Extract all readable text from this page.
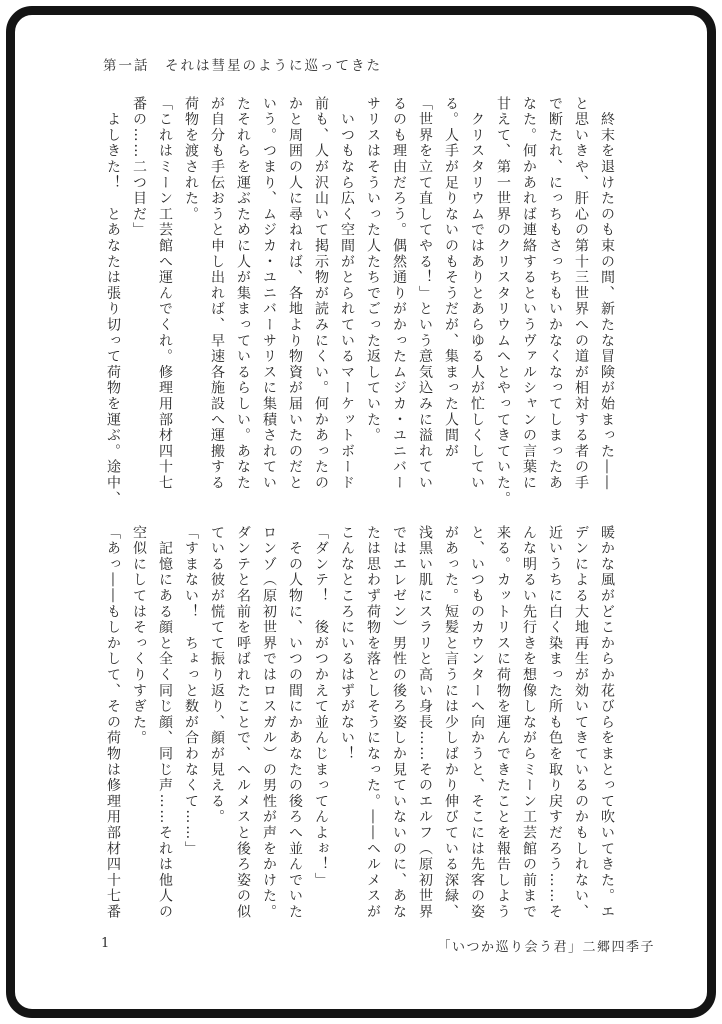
第一話　それは彗星のように巡ってきた
　終末を退けたのも束の間、新たな冒険が始まった――
と思いきや、肝心の第十三世界への道が相対する者の手
で断たれ、にっちもさっちもいかなくなってしまったあ
なた。何かあれば連絡するというヴァルシャンの言葉に
甘えて、第一世界のクリスタリウムへとやってきていた。
　クリスタリウムではありとあらゆる人が忙しくしてい
る。人手が足りないのもそうだが、集まった人間が
「世界を立て直してやる！」という意気込みに溢れてい
るのも理由だろう。偶然通りがかったムジカ・ユニバー
サリスはそういった人たちでごった返していた。
　いつもなら広く空間がとられているマーケットボード
前も、人が沢山いて掲示物が読みにくい。何かあったの
かと周囲の人に尋ねれば、各地より物資が届いたのだと
いう。つまり、ムジカ・ユニバーサリスに集積されてい
たそれらを運ぶために人が集まっているらしい。あなた
が自分も手伝おうと申し出れば、早速各施設へ運搬する
荷物を渡された。
「これはミーン工芸館へ運んでくれ。修理用部材四十七
番の……二つ目だ」
　よしきた！　とあなたは張り切って荷物を運ぶ。途中、
暖かな風がどこからか花びらをまとって吹いてきた。エ
デンによる大地再生が効いてきているのかもしれない、
近いうちに白く染まった所も色を取り戻すだろう……そ
んな明るい先行きを想像しながらミーン工芸館の前まで
来る。カットリスに荷物を運んできたことを報告しよう
と、いつものカウンターへ向かうと、そこには先客の姿
があった。短髪と言うには少しばかり伸びている深緑、
浅黒い肌にスラリと高い身長……そのエルフ（原初世界
ではエレゼン）男性の後ろ姿しか見ていないのに、あな
たは思わず荷物を落としそうになった。――ヘルメスが
こんなところにいるはずがない！
「ダンテ！　後がつかえて並んじまってんよぉ！」
　その人物に、いつの間にかあなたの後ろへ並んでいた
ロンゾ（原初世界ではロスガル）の男性が声をかけた。
ダンテと名前を呼ばれたことで、ヘルメスと後ろ姿の似
ている彼が慌てて振り返り、顔が見える。
「すまない！　ちょっと数が合わなくて……」
　記憶にある顔と全く同じ顔、同じ声……それは他人の
空似にしてはそっくりすぎた。
「あっ――もしかして、その荷物は修理用部材四十七番
1	「いつか巡り会う君」二郷四季子
